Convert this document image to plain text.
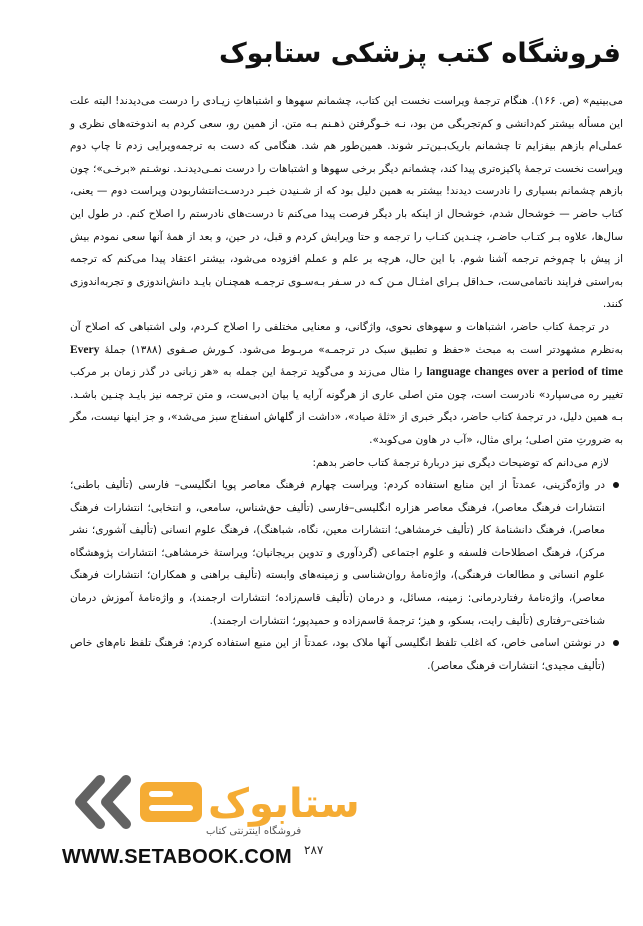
فروشگاه کتب پزشکی ستابوک

می‌بینیم» (ص. ۱۶۶). هنگام ترجمهٔ ویراست نخست این کتاب، چشمانم سهوها و اشتباهاتِ زیـادی را درست می‌دیدند! البته علت این مسأله بیشتر کم‌دانشی و کم‌تجربگی من بود، نـه خـوگرفتن ذهـنم بـه متن. از همین رو، سعی کردم به اندوخته‌های نظری و عملی‌ام بازهم بیفزایم تا چشمانم باریک‌بـین‌تـر شوند. همین‌طور هم شد. هنگامی که دست به ترجمه‌ویرایی زدم تا چاپ دوم ویراست نخست ترجمهٔ پاکیزه‌تری پیدا کند، چشمانم دیگر برخی سهوها و اشتباهات را درست نمـی‌دیدنـد. نوشـتم «برخـی»؛ چون بازهم چشمانم بسیاری را نادرست دیدند! بیشتر به همین دلیل بود که از شـنیدن خبـر دردسـت‌انتشاربودن ویراست دوم — یعنی، کتاب حاضر — خوشحال شدم، خوشحال از اینکه بار دیگر فرصت پیدا می‌کنم تا درست‌های نادرستم را اصلاح کنم. در طول این سال‌ها، علاوه بـر کتـاب حاضـر، چنـدین کتـاب را ترجمه و حتا ویرایش کردم و قبل، در حین، و بعد از همهٔ آنها سعی نمودم بیش از پیش با چم‌وخم ترجمه آشنا شوم. با این حال، هرچه بر علم و عملم افزوده می‌شود، بیشتر اعتقاد پیدا می‌کنم که ترجمه به‌راستی فرایند ناتمامی‌ست، حـداقل بـرای امثـال مـن کـه در سـفر بـه‌سـوی ترجمـه همچنـان بایـد دانش‌اندوزی و تجربه‌اندوزی کنند.

در ترجمهٔ کتاب حاضر، اشتباهات و سهوهای نحوی، واژگانی، و معنایی مختلفی را اصلاح کـردم، ولی اشتباهی که اصلاح آن به‌نظرم مشهودتر است به مبحث «حفظ و تطبیق سبک در ترجمـه» مربـوط می‌شود. کـورش صـفوی (۱۳۸۸) جملهٔ Every language changes over a period of time را مثال می‌زند و می‌گوید ترجمهٔ این جمله به «هر زبانی در گذر زمان بر مرکب تغییر ره می‌سپارد» نادرست است، چون متن اصلی عاری از هرگونه آرایه یا بیان ادبی‌ست، و متن ترجمه نیز بایـد چنـین باشـد. بـه همین دلیل، در ترجمهٔ کتاب حاضر، دیگر خبری از «ثلهٔ صیاد»، «داشت از گلهاش اسفناج سبز می‌شد»، و جز اینها نیست، مگر به ضرورتِ متن اصلی؛ برای مثال، «آب در هاون می‌کوبد».

لازم می‌دانم که توضیحات دیگری نیز دربارهٔ ترجمهٔ کتاب حاضر بدهم:

در واژه‌گزینی، عمدتاً از این منابع استفاده کردم: ویراست چهارم فرهنگ معاصر پویا انگلیسی– فارسی (تألیف باطنی؛ انتشارات فرهنگ معاصر)، فرهنگ معاصر هزاره انگلیسی–فارسی (تألیف حق‌شناس، سامعی، و انتخابی؛ انتشارات فرهنگ معاصر)، فرهنگ دانشنامهٔ کار (تألیف خرمشاهی؛ انتشارات معین، نگاه، شباهنگ)، فرهنگ علوم انسانی (تألیف آشوری؛ نشر مرکز)، فرهنگ اصطلاحات فلسفه و علوم اجتماعی (گردآوری و تدوین بریجانیان؛ ویراستهٔ خرمشاهی؛ انتشارات پژوهشگاه علوم انسانی و مطالعات فرهنگی)، واژه‌نامهٔ روان‌شناسی و زمینه‌های وابسته (تألیف براهنی و همکاران؛ انتشارات فرهنگ معاصر)، واژه‌نامهٔ رفتاردرمانی: زمینه، مسائل، و درمان (تألیف قاسم‌زاده؛ انتشارات ارجمند)، و واژه‌نامهٔ آموزش درمان شناختی–رفتاری (تألیف رایت، بسکو، و هیز؛ ترجمهٔ قاسم‌زاده و حمیدپور؛ انتشارات ارجمند).
در نوشتن اسامی خاص، که اغلب تلفظ انگلیسی آنها ملاک بود، عمدتاً از این منبع استفاده کردم: فرهنگ تلفظ نام‌های خاص (تألیف مجیدی؛ انتشارات فرهنگ معاصر).
ستابوک
فروشگاه اینترنتی کتاب
۲۸۷
WWW.SETABOOK.COM
